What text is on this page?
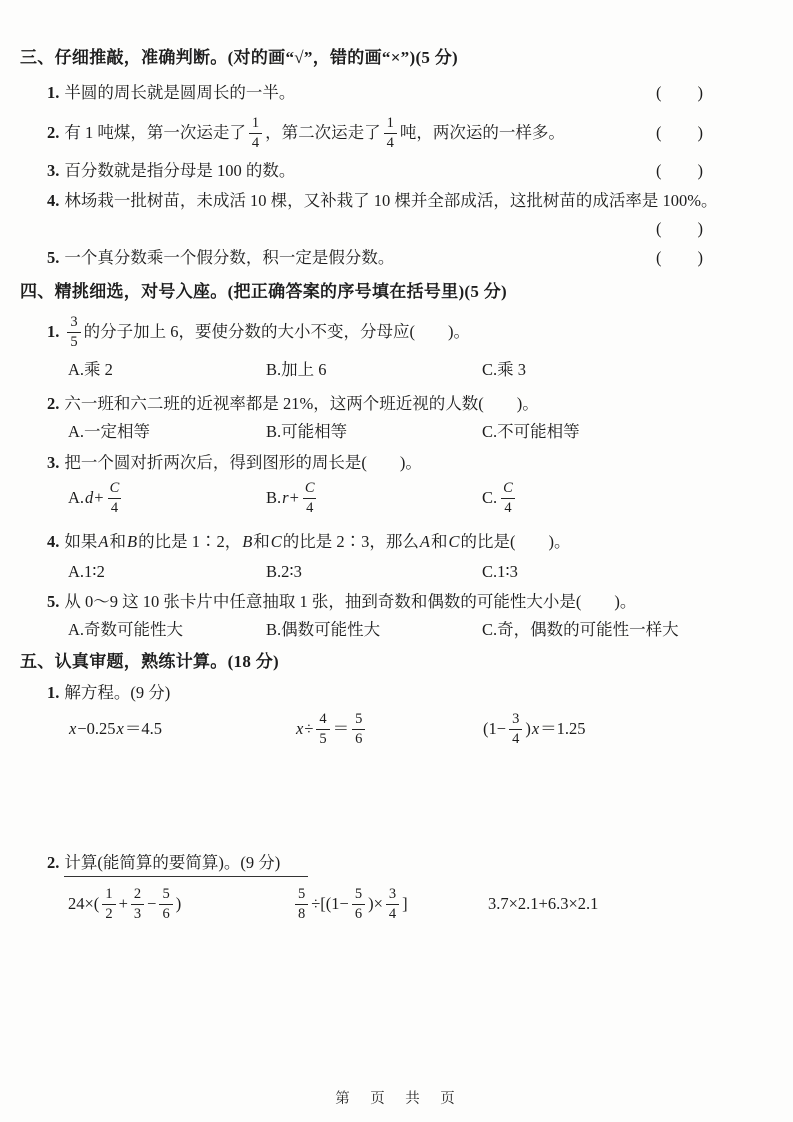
三、仔细推敲，准确判断。(对的画“√”，错的画“×”)(5 分)
1. 半圆的周长就是圆周长的一半。	(　　)
2. 有 1 吨煤，第一次运走了 $\frac{1}{4}$ ，第二次运走了 $\frac{1}{4}$ 吨，两次运的一样多。	(　　)
3. 百分数就是指分母是 100 的数。	(　　)
4. 林场栽一批树苗，未成活 10 棵，又补栽了 10 棵并全部成活，这批树苗的成活率是 100%。
(　　)
5. 一个真分数乘一个假分数，积一定是假分数。	(　　)
四、精挑细选，对号入座。(把正确答案的序号填在括号里)(5 分)
1. $\frac{3}{5}$ 的分子加上 6，要使分数的大小不变，分母应(　　)。
A.乘 2	B.加上 6	C.乘 3
2. 六一班和六二班的近视率都是 21%，这两个班近视的人数(　　)。
A.一定相等	B.可能相等	C.不可能相等
3. 把一个圆对折两次后，得到图形的周长是(　　)。
A. $d + \frac{C}{4}$	B. $r + \frac{C}{4}$	C. $\frac{C}{4}$
4. 如果 A 和 B 的比是 1∶2， B 和 C 的比是 2∶3，那么 A 和 C 的比是(　　)。
A.1∶2	B.2∶3	C.1∶3
5. 从 0～9 这 10 张卡片中任意抽取 1 张，抽到奇数和偶数的可能性大小是(　　)。
A.奇数可能性大	B.偶数可能性大	C.奇，偶数的可能性一样大
五、认真审题，熟练计算。(18 分)
1. 解方程。(9 分)
x −0.25 x ＝4.5	$x \div \frac{4}{5} = \frac{5}{6}$	($1- \frac{3}{4}$ ) x ＝1.25
2. 计算(能简算的要简算)。(9 分)
$24\times( \frac{1}{2} + \frac{2}{3} - \frac{5}{6}$ )	$\frac{5}{8} \div[(1- \frac{5}{6}$ )× $\frac{3}{4}$ ]	3.7×2.1+6.3×2.1
第　页　共　页
